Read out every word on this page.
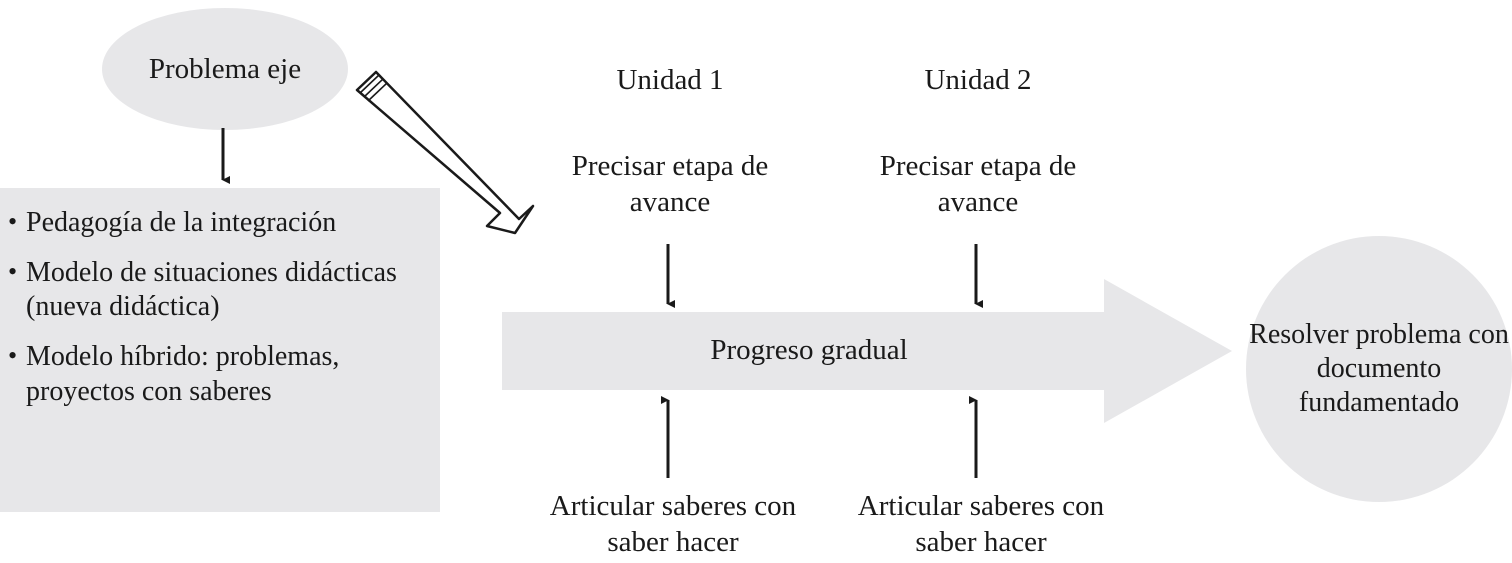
Problema eje
• Pedagogía de la integración
• Modelo de situaciones didácticas (nueva didáctica)
• Modelo híbrido: problemas, proyectos con saberes
Unidad 1
Precisar etapa de avance
Articular saberes con saber hacer
Unidad 2
Precisar etapa de avance
Articular saberes con saber hacer
Progreso gradual	Resolver problema con documento fundamentado
